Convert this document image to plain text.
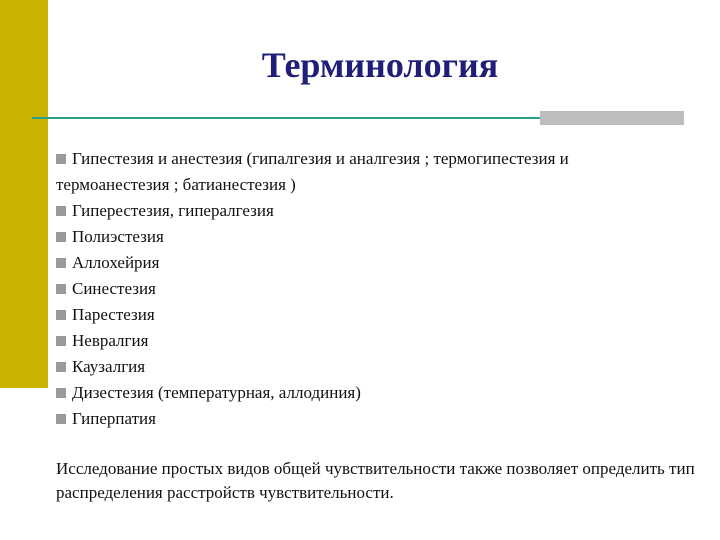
Терминология

Гипестезия и анестезия (гипалгезия и аналгезия ; термогипестезия и термоанестезия ; батианестезия )

Гиперестезия, гипералгезия

Полиэстезия

Аллохейрия

Синестезия

Парестезия

Невралгия

Каузалгия

Дизестезия (температурная, аллодиния)

Гиперпатия

Исследование простых видов общей чувствительности также позволяет определить тип распределения расстройств чувствительности.
